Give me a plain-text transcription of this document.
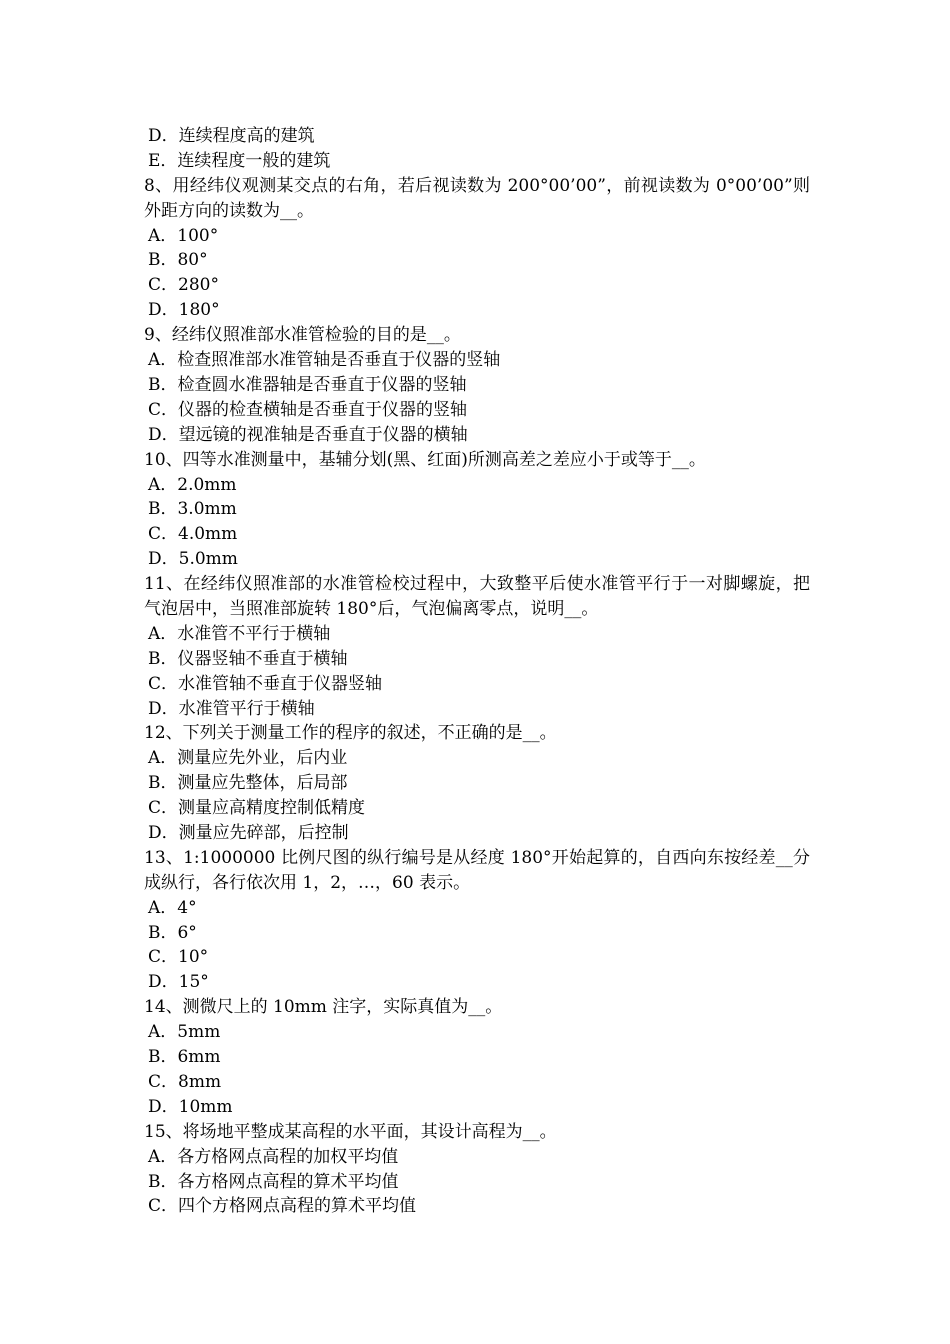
D．连续程度高的建筑
E．连续程度一般的建筑
8、用经纬仪观测某交点的右角，若后视读数为 200°00’00”，前视读数为 0°00’00”则外距方向的读数为__。
A．100°
B．80°
C．280°
D．180°
9、经纬仪照准部水准管检验的目的是__。
A．检查照准部水准管轴是否垂直于仪器的竖轴
B．检查圆水准器轴是否垂直于仪器的竖轴
C．仪器的检查横轴是否垂直于仪器的竖轴
D．望远镜的视准轴是否垂直于仪器的横轴
10、四等水准测量中，基辅分划(黑、红面)所测高差之差应小于或等于__。
A．2.0mm
B．3.0mm
C．4.0mm
D．5.0mm
11、在经纬仪照准部的水准管检校过程中，大致整平后使水准管平行于一对脚螺旋，把气泡居中，当照准部旋转 180°后，气泡偏离零点，说明__。
A．水准管不平行于横轴
B．仪器竖轴不垂直于横轴
C．水准管轴不垂直于仪器竖轴
D．水准管平行于横轴
12、下列关于测量工作的程序的叙述，不正确的是__。
A．测量应先外业，后内业
B．测量应先整体，后局部
C．测量应高精度控制低精度
D．测量应先碎部，后控制
13、1:1000000 比例尺图的纵行编号是从经度 180°开始起算的，自西向东按经差__分成纵行，各行依次用 1，2，…，60 表示。
A．4°
B．6°
C．10°
D．15°
14、测微尺上的 10mm 注字，实际真值为__。
A．5mm
B．6mm
C．8mm
D．10mm
15、将场地平整成某高程的水平面，其设计高程为__。
A．各方格网点高程的加权平均值
B．各方格网点高程的算术平均值
C．四个方格网点高程的算术平均值
